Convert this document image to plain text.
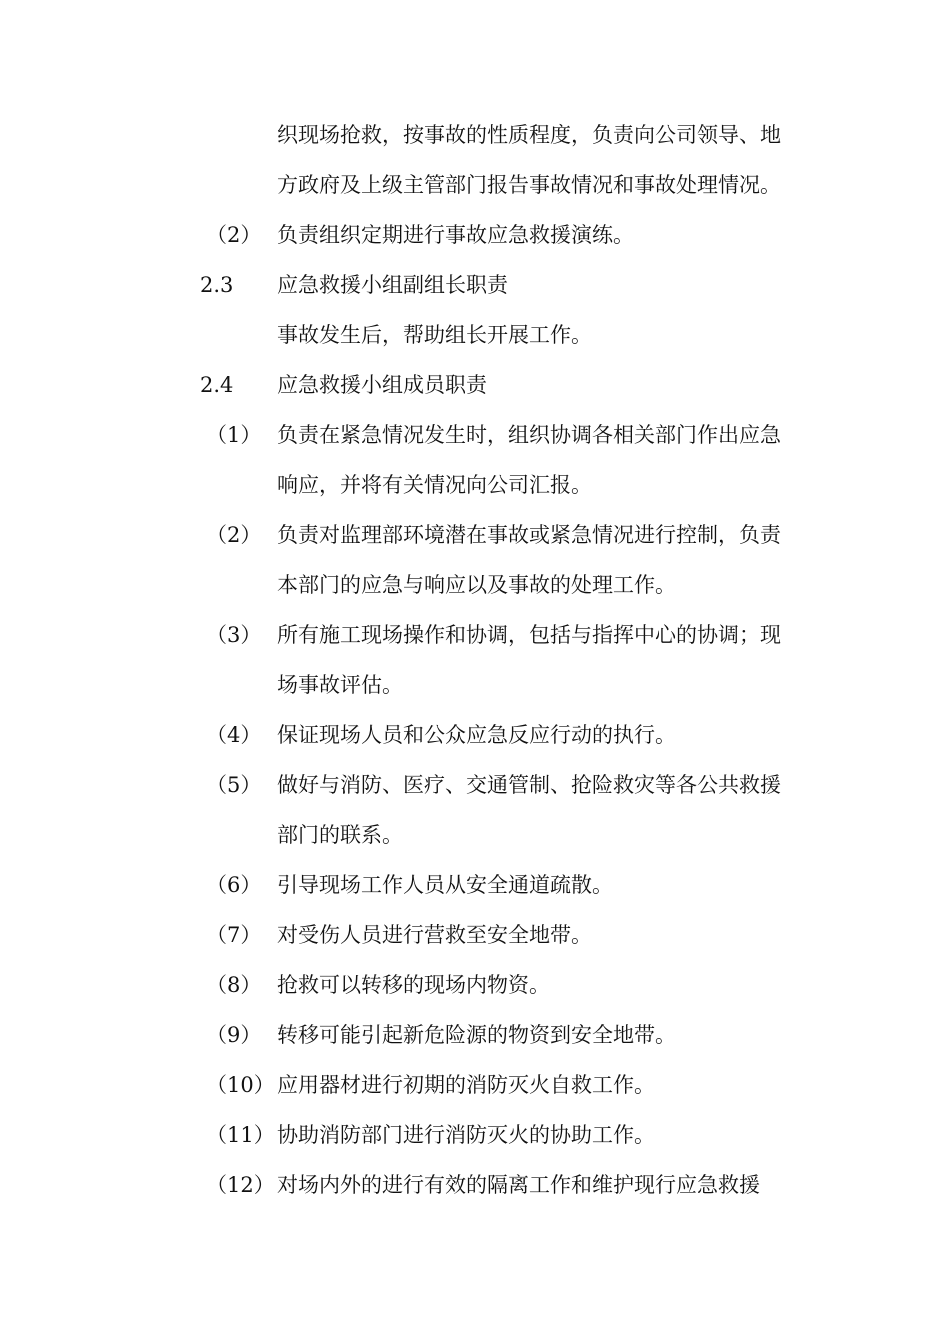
织现场抢救，按事故的性质程度，负责向公司领导、地
方政府及上级主管部门报告事故情况和事故处理情况。
（2） 负责组织定期进行事故应急救援演练。
2.3 应急救援小组副组长职责
事故发生后，帮助组长开展工作。
2.4 应急救援小组成员职责
（1） 负责在紧急情况发生时，组织协调各相关部门作出应急
响应，并将有关情况向公司汇报。
（2） 负责对监理部环境潜在事故或紧急情况进行控制，负责
本部门的应急与响应以及事故的处理工作。
（3） 所有施工现场操作和协调，包括与指挥中心的协调；现
场事故评估。
（4） 保证现场人员和公众应急反应行动的执行。
（5） 做好与消防、医疗、交通管制、抢险救灾等各公共救援
部门的联系。
（6） 引导现场工作人员从安全通道疏散。
（7） 对受伤人员进行营救至安全地带。
（8） 抢救可以转移的现场内物资。
（9） 转移可能引起新危险源的物资到安全地带。
（10） 应用器材进行初期的消防灭火自救工作。
（11） 协助消防部门进行消防灭火的协助工作。
（12） 对场内外的进行有效的隔离工作和维护现行应急救援
